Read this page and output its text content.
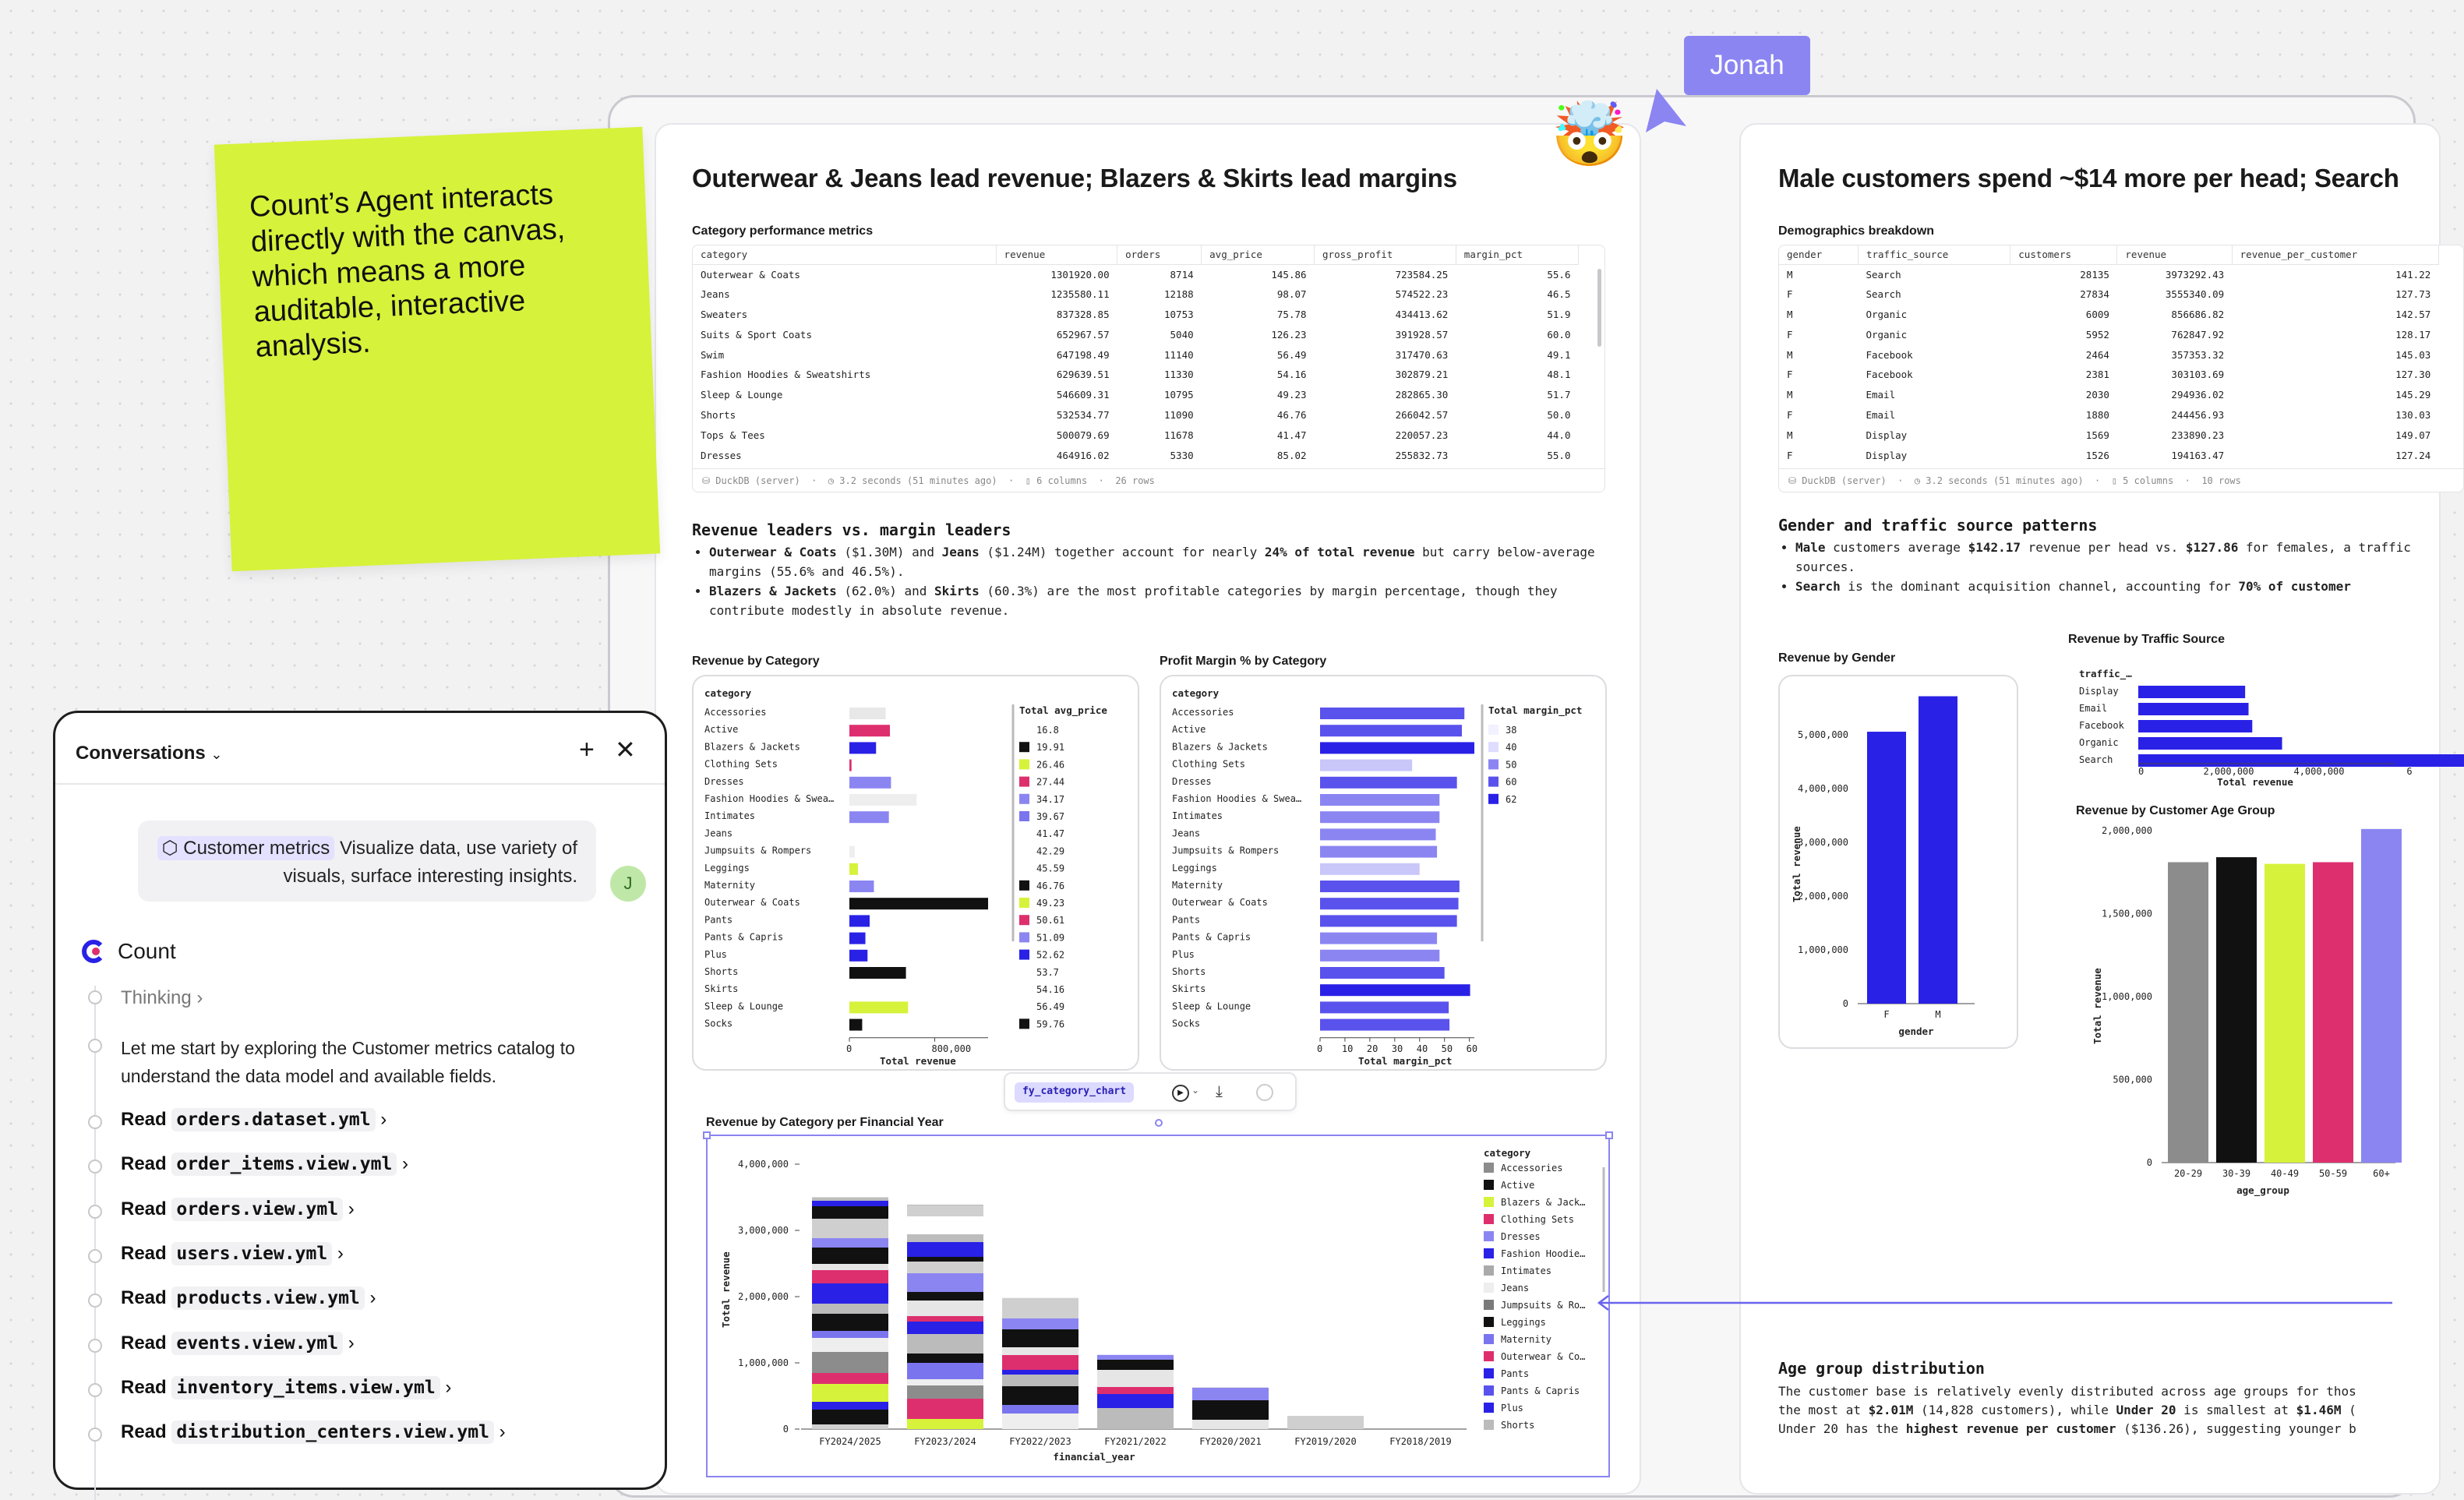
Outerwear & Jeans lead revenue; Blazers & Skirts lead margins
Category performance metrics
category	revenue	orders	avg_price	gross_profit	margin_pct	
Outerwear & Coats	1301920.00	8714	145.86	723584.25	55.6	
Jeans	1235580.11	12188	98.07	574522.23	46.5	
Sweaters	837328.85	10753	75.78	434413.62	51.9	
Suits & Sport Coats	652967.57	5040	126.23	391928.57	60.0	
Swim	647198.49	11140	56.49	317470.63	49.1	
Fashion Hoodies & Sweatshirts	629639.51	11330	54.16	302879.21	48.1	
Sleep & Lounge	546609.31	10795	49.23	282865.30	51.7	
Shorts	532534.77	11090	46.76	266042.57	50.0	
Tops & Tees	500079.69	11678	41.47	220057.23	44.0	
Dresses	464916.02	5330	85.02	255832.73	55.0	
⛁ DuckDB (server)  ·  ◷ 3.2 seconds (51 minutes ago)  ·  ▯ 6 columns  ·  26 rows
Revenue leaders vs. margin leaders
• Outerwear & Coats ($1.30M) and Jeans ($1.24M) together account for nearly 24% of total revenue but carry below-average margins (55.6% and 46.5%).
• Blazers & Jackets (62.0%) and Skirts (60.3%) are the most profitable categories by margin percentage, though they contribute modestly in absolute revenue.
Revenue by Category
category
Accessories
Active
Blazers & Jackets
Clothing Sets
Dresses
Fashion Hoodies & Swea…
Intimates
Jeans
Jumpsuits & Rompers
Leggings
Maternity
Outerwear & Coats
Pants
Pants & Capris
Plus
Shorts
Skirts
Sleep & Lounge
Socks
0	800,000
Total revenue
Total avg_price
16.8
19.91
26.46
27.44
34.17
39.67
41.47
42.29
45.59
46.76
49.23
50.61
51.09
52.62
53.7
54.16
56.49
59.76
Profit Margin % by Category
category
Accessories
Active
Blazers & Jackets
Clothing Sets
Dresses
Fashion Hoodies & Swea…
Intimates
Jeans
Jumpsuits & Rompers
Leggings
Maternity
Outerwear & Coats
Pants
Pants & Capris
Plus
Shorts
Skirts
Sleep & Lounge
Socks
0 10 20 30 40 50 60
Total margin_pct
Total margin_pct
38
40
50
60
62
fy_category_chart	▶ ⌄ ⤓
Revenue by Category per Financial Year
0
1,000,000
2,000,000
3,000,000
4,000,000
Total revenue
FY2024/2025	FY2023/2024	FY2022/2023	FY2021/2022	FY2020/2021	FY2019/2020	FY2018/2019
financial_year
category
Accessories
Active
Blazers & Jack…
Clothing Sets
Dresses
Fashion Hoodie…
Intimates
Jeans
Jumpsuits & Ro…
Leggings
Maternity
Outerwear & Co…
Pants
Pants & Capris
Plus
Shorts
Male customers spend ~$14 more per head; Search
Demographics breakdown
gender	traffic_source	customers	revenue	revenue_per_customer	
M	Search	28135	3973292.43	141.22	
F	Search	27834	3555340.09	127.73	
M	Organic	6009	856686.82	142.57	
F	Organic	5952	762847.92	128.17	
M	Facebook	2464	357353.32	145.03	
F	Facebook	2381	303103.69	127.30	
M	Email	2030	294936.02	145.29	
F	Email	1880	244456.93	130.03	
M	Display	1569	233890.23	149.07	
F	Display	1526	194163.47	127.24	
⛁ DuckDB (server)  ·  ◷ 3.2 seconds (51 minutes ago)  ·  ▯ 5 columns  ·  10 rows
Gender and traffic source patterns
• Male customers average $142.17 revenue per head vs. $127.86 for females, a traffic sources.
• Search is the dominant acquisition channel, accounting for 70% of customer
Revenue by Gender
0
1,000,000
2,000,000
3,000,000
4,000,000
5,000,000
Total revenue
F	M
gender
Revenue by Traffic Source
traffic_…
Display
Email
Facebook
Organic
Search
0	2,000,000	4,000,000	6
Total revenue
Revenue by Customer Age Group
0
500,000
1,000,000
1,500,000
2,000,000
Total revenue
20-29 30-39 40-49 50-59	60+
age_group
Age group distribution
The customer base is relatively evenly distributed across age groups for thos
the most at $2.01M (14,828 customers), while Under 20 is smallest at $1.46M (
Under 20 has the highest revenue per customer ($136.26), suggesting younger b
Count’s Agent interacts directly with the canvas, which means a more auditable, interactive analysis.
🤯
Jonah
Conversations ⌄	+ ✕
⬡ Customer metrics Visualize data, use variety of visuals, surface interesting insights.	J
Count
Thinking ›
Let me start by exploring the Customer metrics catalog to understand the data model and available fields.
Read orders.dataset.yml ›
Read order_items.view.yml ›
Read orders.view.yml ›
Read users.view.yml ›
Read products.view.yml ›
Read events.view.yml ›
Read inventory_items.view.yml ›
Read distribution_centers.view.yml ›
